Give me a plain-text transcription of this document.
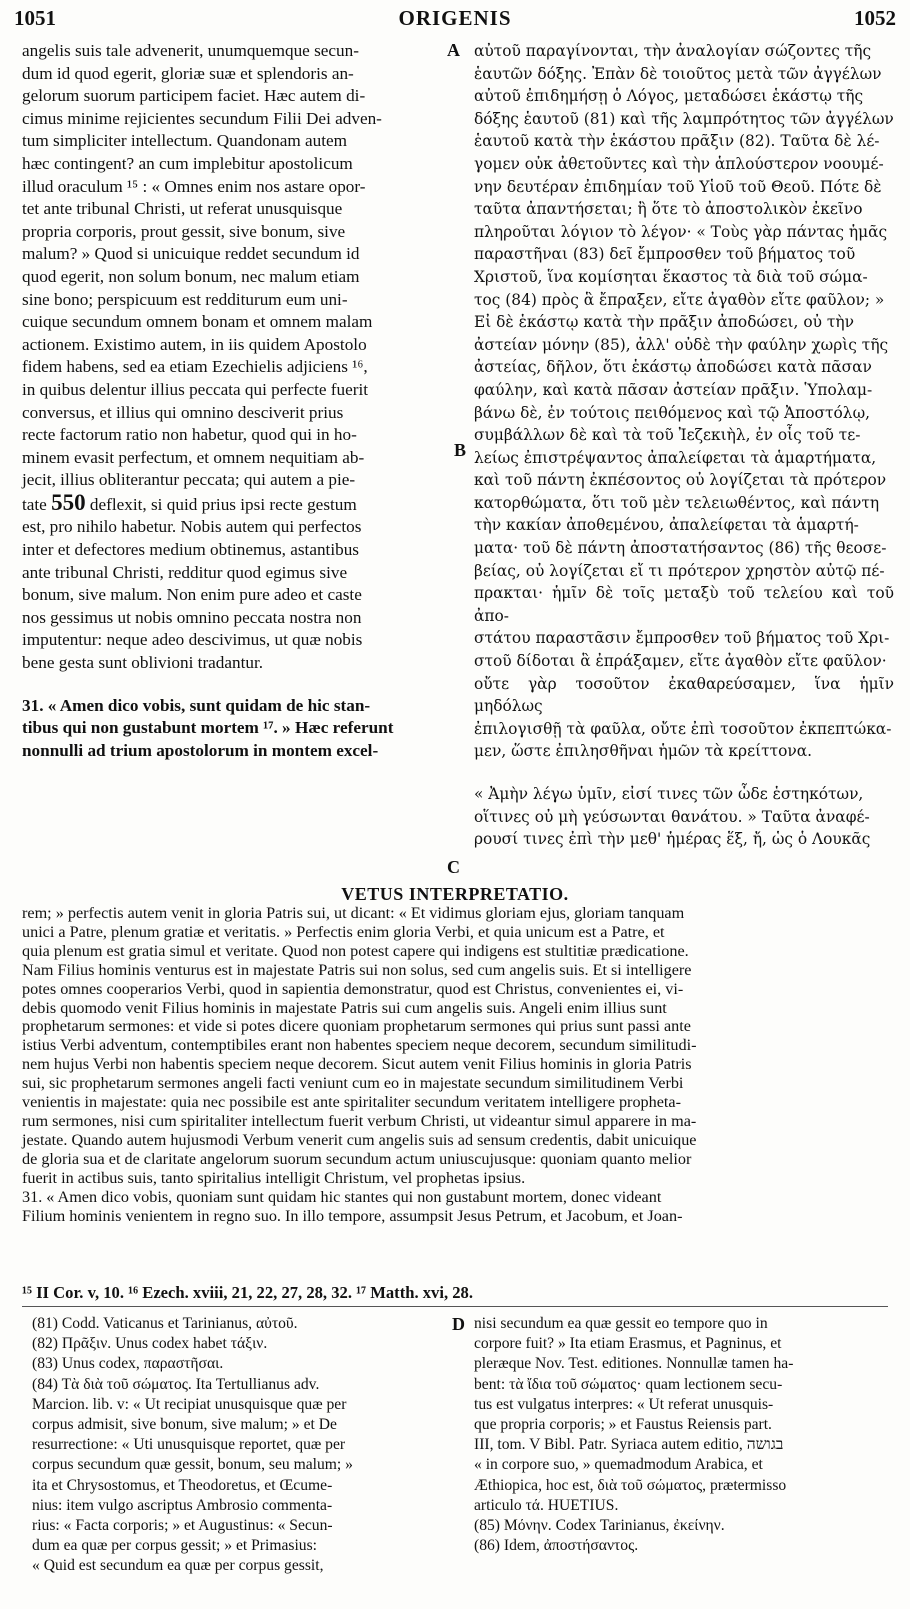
1051	ORIGENIS	1052

angelis suis tale advenerit, unumquemque secun-

dum id quod egerit, gloriæ suæ et splendoris an-

gelorum suorum participem faciet. Hæc autem di-

cimus minime rejicientes secundum Filii Dei adven-

tum simpliciter intellectum. Quandonam autem

hæc contingent? an cum implebitur apostolicum

illud oraculum ¹⁵ : « Omnes enim nos astare opor-

tet ante tribunal Christi, ut referat unusquisque

propria corporis, prout gessit, sive bonum, sive

malum? » Quod si unicuique reddet secundum id

quod egerit, non solum bonum, nec malum etiam

sine bono; perspicuum est redditurum eum uni-

cuique secundum omnem bonam et omnem malam

actionem. Existimo autem, in iis quidem Apostolo

fidem habens, sed ea etiam Ezechielis adjiciens ¹⁶,

in quibus delentur illius peccata qui perfecte fuerit

conversus, et illius qui omnino desciverit prius

recte factorum ratio non habetur, quod qui in ho-

minem evasit perfectum, et omnem nequitiam ab-

jecit, illius obliterantur peccata; qui autem a pie-

tate 550 deflexit, si quid prius ipsi recte gestum

est, pro nihilo habetur. Nobis autem qui perfectos

inter et defectores medium obtinemus, astantibus

ante tribunal Christi, redditur quod egimus sive

bonum, sive malum. Non enim pure adeo et caste

nos gessimus ut nobis omnino peccata nostra non

imputentur: neque adeo descivimus, ut quæ nobis

bene gesta sunt oblivioni tradantur.

31. « Amen dico vobis, sunt quidam de hic stan-

tibus qui non gustabunt mortem ¹⁷. » Hæc referunt

nonnulli ad trium apostolorum in montem excel-

αὐτοῦ παραγίνονται, τὴν ἀναλογίαν σώζοντες τῆς

ἑαυτῶν δόξης. Ἐπὰν δὲ τοιοῦτος μετὰ τῶν ἀγγέλων

αὐτοῦ ἐπιδημήσῃ ὁ Λόγος, μεταδώσει ἑκάστῳ τῆς

δόξης ἑαυτοῦ (81) καὶ τῆς λαμπρότητος τῶν ἀγγέλων

ἑαυτοῦ κατὰ τὴν ἑκάστου πρᾶξιν (82). Ταῦτα δὲ λέ-

γομεν οὐκ ἀθετοῦντες καὶ τὴν ἁπλούστερον νοουμέ-

νην δευτέραν ἐπιδημίαν τοῦ Υἱοῦ τοῦ Θεοῦ. Πότε δὲ

ταῦτα ἀπαντήσεται; ἢ ὅτε τὸ ἀποστολικὸν ἐκεῖνο

πληροῦται λόγιον τὸ λέγον· « Τοὺς γὰρ πάντας ἡμᾶς

παραστῆναι (83) δεῖ ἔμπροσθεν τοῦ βήματος τοῦ

Χριστοῦ, ἵνα κομίσηται ἕκαστος τὰ διὰ τοῦ σώμα-

τος (84) πρὸς ἃ ἔπραξεν, εἴτε ἀγαθὸν εἴτε φαῦλον; »

Εἰ δὲ ἑκάστῳ κατὰ τὴν πρᾶξιν ἀποδώσει, οὐ τὴν

ἀστείαν μόνην (85), ἀλλ' οὐδὲ τὴν φαύλην χωρὶς τῆς

ἀστείας, δῆλον, ὅτι ἑκάστῳ ἀποδώσει κατὰ πᾶσαν

φαύλην, καὶ κατὰ πᾶσαν ἀστείαν πρᾶξιν. Ὑπολαμ-

βάνω δὲ, ἐν τούτοις πειθόμενος καὶ τῷ Ἀποστόλῳ,

συμβάλλων δὲ καὶ τὰ τοῦ Ἰεζεκιὴλ, ἐν οἷς τοῦ τε-

λείως ἐπιστρέψαντος ἀπαλείφεται τὰ ἁμαρτήματα,

καὶ τοῦ πάντη ἐκπέσοντος οὐ λογίζεται τὰ πρότερον

κατορθώματα, ὅτι τοῦ μὲν τελειωθέντος, καὶ πάντη

τὴν κακίαν ἀποθεμένου, ἀπαλείφεται τὰ ἁμαρτή-

ματα· τοῦ δὲ πάντη ἀποστατήσαντος (86) τῆς θεοσε-

βείας, οὐ λογίζεται εἴ τι πρότερον χρηστὸν αὐτῷ πέ-

πρακται· ἡμῖν δὲ τοῖς μεταξὺ τοῦ τελείου καὶ τοῦ ἀπο-

στάτου παραστᾶσιν ἔμπροσθεν τοῦ βήματος τοῦ Χρι-

στοῦ δίδοται ἃ ἐπράξαμεν, εἴτε ἀγαθὸν εἴτε φαῦλον·

οὔτε γὰρ τοσοῦτον ἐκαθαρεύσαμεν, ἵνα ἡμῖν μηδόλως

ἐπιλογισθῇ τὰ φαῦλα, οὔτε ἐπὶ τοσοῦτον ἐκπεπτώκα-

μεν, ὥστε ἐπιλησθῆναι ἡμῶν τὰ κρείττονα.

« Ἀμὴν λέγω ὑμῖν, εἰσί τινες τῶν ὧδε ἑστηκότων,

οἵτινες οὐ μὴ γεύσωνται θανάτου. » Ταῦτα ἀναφέ-

ρουσί τινες ἐπὶ τὴν μεθ' ἡμέρας ἕξ, ἤ, ὡς ὁ Λουκᾶς

A
B
C
D
VETUS INTERPRETATIO.

rem; » perfectis autem venit in gloria Patris sui, ut dicant: « Et vidimus gloriam ejus, gloriam tanquam

unici a Patre, plenum gratiæ et veritatis. » Perfectis enim gloria Verbi, et quia unicum est a Patre, et

quia plenum est gratia simul et veritate. Quod non potest capere qui indigens est stultitiæ prædicatione.

Nam Filius hominis venturus est in majestate Patris sui non solus, sed cum angelis suis. Et si intelligere

potes omnes cooperarios Verbi, quod in sapientia demonstratur, quod est Christus, convenientes ei, vi-

debis quomodo venit Filius hominis in majestate Patris sui cum angelis suis. Angeli enim illius sunt

prophetarum sermones: et vide si potes dicere quoniam prophetarum sermones qui prius sunt passi ante

istius Verbi adventum, contemptibiles erant non habentes speciem neque decorem, secundum similitudi-

nem hujus Verbi non habentis speciem neque decorem. Sicut autem venit Filius hominis in gloria Patris

sui, sic prophetarum sermones angeli facti veniunt cum eo in majestate secundum similitudinem Verbi

venientis in majestate: quia nec possibile est ante spiritaliter secundum veritatem intelligere propheta-

rum sermones, nisi cum spiritaliter intellectum fuerit verbum Christi, ut videantur simul apparere in ma-

jestate. Quando autem hujusmodi Verbum venerit cum angelis suis ad sensum credentis, dabit unicuique

de gloria sua et de claritate angelorum suorum secundum actum uniuscujusque: quoniam quanto melior

fuerit in actibus suis, tanto spiritalius intelligit Christum, vel prophetas ipsius.

31. « Amen dico vobis, quoniam sunt quidam hic stantes qui non gustabunt mortem, donec videant

Filium hominis venientem in regno suo. In illo tempore, assumpsit Jesus Petrum, et Jacobum, et Joan-

¹⁵ II Cor. v, 10. ¹⁶ Ezech. xviii, 21, 22, 27, 28, 32. ¹⁷ Matth. xvi, 28.

(81) Codd. Vaticanus et Tarinianus, αὐτοῦ.

(82) Πρᾶξιν. Unus codex habet τάξιν.

(83) Unus codex, παραστῆσαι.

(84) Τὰ διὰ τοῦ σώματος. Ita Tertullianus adv.

Marcion. lib. v: « Ut recipiat unusquisque quæ per

corpus admisit, sive bonum, sive malum; » et De

resurrectione: « Uti unusquisque reportet, quæ per

corpus secundum quæ gessit, bonum, seu malum; »

ita et Chrysostomus, et Theodoretus, et Œcume-

nius: item vulgo ascriptus Ambrosio commenta-

rius: « Facta corporis; » et Augustinus: « Secun-

dum ea quæ per corpus gessit; » et Primasius:

« Quid est secundum ea quæ per corpus gessit,

nisi secundum ea quæ gessit eo tempore quo in

corpore fuit? » Ita etiam Erasmus, et Pagninus, et

pleræque Nov. Test. editiones. Nonnullæ tamen ha-

bent: τὰ ἴδια τοῦ σώματος· quam lectionem secu-

tus est vulgatus interpres: « Ut referat unusquis-

que propria corporis; » et Faustus Reiensis part.

III, tom. V Bibl. Patr. Syriaca autem editio, בגושה

« in corpore suo, » quemadmodum Arabica, et

Æthiopica, hoc est, διὰ τοῦ σώματος, prætermisso

articulo τά. HUETIUS.

(85) Μόνην. Codex Tarinianus, ἐκείνην.

(86) Idem, ἀποστήσαντος.
